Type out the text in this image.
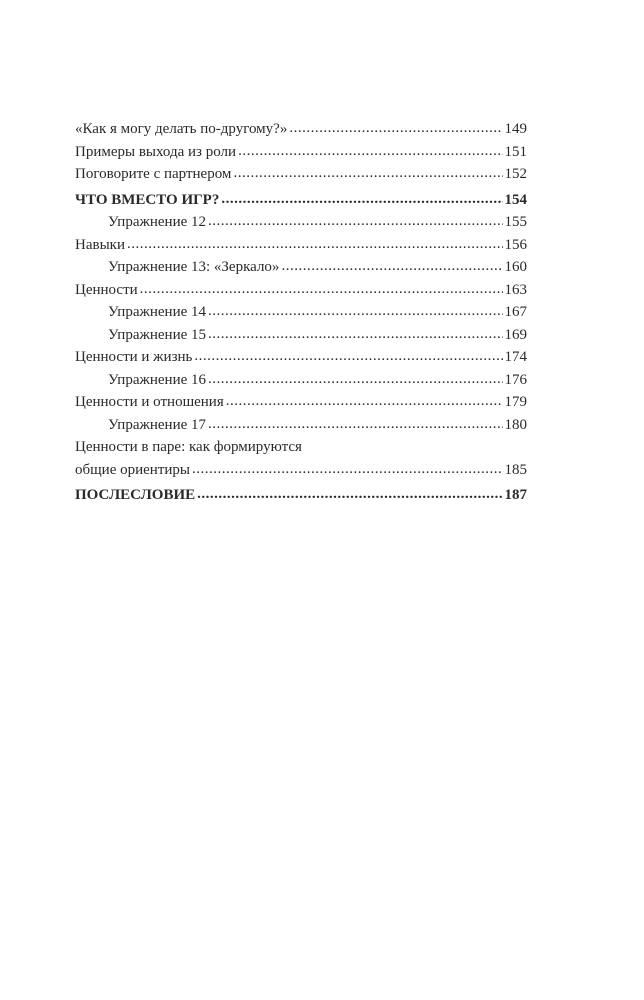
«Как я могу делать по-другому?» .....	149
Примеры выхода из роли .....	151
Поговорите с партнером .....	152
ЧТО ВМЕСТО ИГР? .....	154
Упражнение 12 .....	155
Навыки .....	156
Упражнение 13: «Зеркало» .....	160
Ценности .....	163
Упражнение 14 .....	167
Упражнение 15 .....	169
Ценности и жизнь .....	174
Упражнение 16 .....	176
Ценности и отношения .....	179
Упражнение 17 .....	180
Ценности в паре: как формируются
общие ориентиры .....	185
ПОСЛЕСЛОВИЕ .....	187
